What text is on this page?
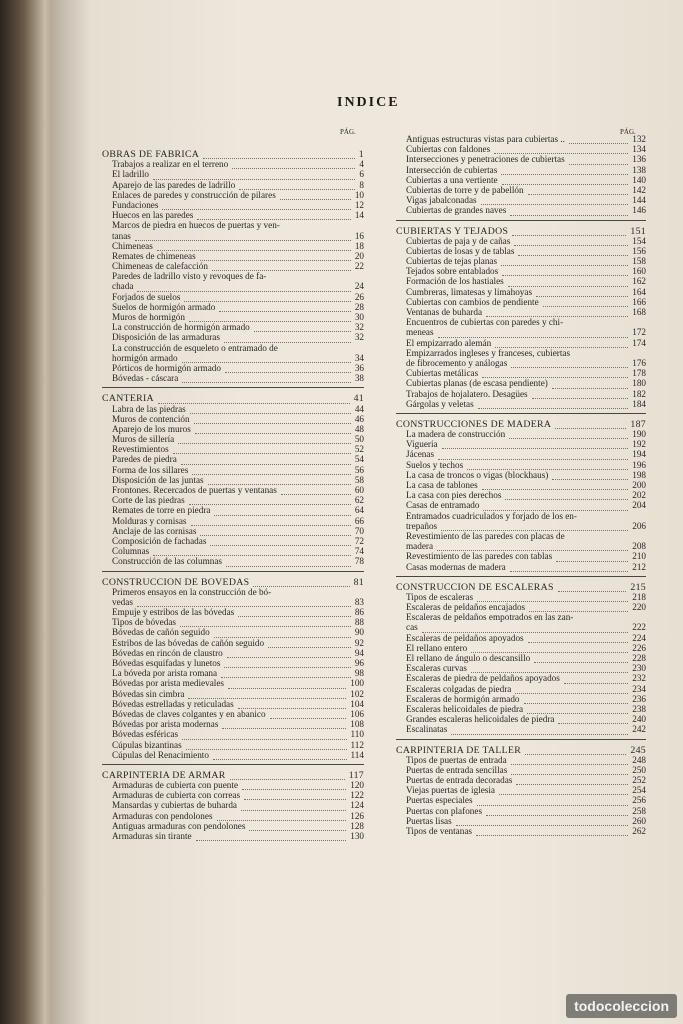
INDICE
PÁG.	PÁG.
OBRAS DE FABRICA	1
Trabajos a realizar en el terreno	4
El ladrillo	6
Aparejo de las paredes de ladrillo	8
Enlaces de paredes y construcción de pilares	10
Fundaciones	12
Huecos en las paredes	14
Marcos de piedra en huecos de puertas y ven-
tanas	16
Chimeneas	18
Remates de chimeneas	20
Chimeneas de calefacción	22
Paredes de ladrillo visto y revoques de fa-
chada	24
Forjados de suelos	26
Suelos de hormigón armado	28
Muros de hormigón	30
La construcción de hormigón armado	32
Disposición de las armaduras	32
La construcción de esqueleto o entramado de
hormigón armado	34
Pórticos de hormigón armado	36
Bóvedas - cáscara	38
CANTERIA	41
Labra de las piedras	44
Muros de contención	46
Aparejo de los muros	48
Muros de sillería	50
Revestimientos	52
Paredes de piedra	54
Forma de los sillares	56
Disposición de las juntas	58
Frontones. Recercados de puertas y ventanas	60
Corte de las piedras	62
Remates de torre en piedra	64
Molduras y cornisas	66
Anclaje de las cornisas	70
Composición de fachadas	72
Columnas	74
Construcción de las columnas	78
CONSTRUCCION DE BOVEDAS	81
Primeros ensayos en la construcción de bó-
vedas	83
Empuje y estribos de las bóvedas	86
Tipos de bóvedas	88
Bóvedas de cañón seguido	90
Estribos de las bóvedas de cañón seguido	92
Bóvedas en rincón de claustro	94
Bóvedas esquifadas y lunetos	96
La bóveda por arista romana	98
Bóvedas por arista medievales	100
Bóvedas sin cimbra	102
Bóvedas estrelladas y reticuladas	104
Bóvedas de claves colgantes y en abanico	106
Bóvedas por arista modernas	108
Bóvedas esféricas	110
Cúpulas bizantinas	112
Cúpulas del Renacimiento	114
CARPINTERIA DE ARMAR	117
Armaduras de cubierta con puente	120
Armaduras de cubierta con correas	122
Mansardas y cubiertas de buharda	124
Armaduras con pendolones	126
Antiguas armaduras con pendolones	128
Armaduras sin tirante	130
Antiguas estructuras vistas para cubiertas ..	132
Cubiertas con faldones	134
Intersecciones y penetraciones de cubiertas	136
Intersección de cubiertas	138
Cubiertas a una vertiente	140
Cubiertas de torre y de pabellón	142
Vigas jabalconadas	144
Cubiertas de grandes naves	146
CUBIERTAS Y TEJADOS	151
Cubiertas de paja y de cañas	154
Cubiertas de losas y de tablas	156
Cubiertas de tejas planas	158
Tejados sobre entablados	160
Formación de los hastiales	162
Cumbreras, limatesas y limahoyas	164
Cubiertas con cambios de pendiente	166
Ventanas de buharda	168
Encuentros de cubiertas con paredes y chi-
meneas	172
El empizarrado alemán	174
Empizarrados ingleses y franceses, cubiertas
de fibrocemento y análogas	176
Cubiertas metálicas	178
Cubiertas planas (de escasa pendiente)	180
Trabajos de hojalatero. Desagües	182
Gárgolas y veletas	184
CONSTRUCCIONES DE MADERA	187
La madera de construcción	190
Viguería	192
Jácenas	194
Suelos y techos	196
La casa de troncos o vigas (blockhaus)	198
La casa de tablones	200
La casa con pies derechos	202
Casas de entramado	204
Entramados cuadriculados y forjado de los en-
trepaños	206
Revestimiento de las paredes con placas de
madera	208
Revestimiento de las paredes con tablas	210
Casas modernas de madera	212
CONSTRUCCION DE ESCALERAS	215
Tipos de escaleras	218
Escaleras de peldaños encajados	220
Escaleras de peldaños empotrados en las zan-
cas	222
Escaleras de peldaños apoyados	224
El rellano entero	226
El rellano de ángulo o descansillo	228
Escaleras curvas	230
Escaleras de piedra de peldaños apoyados	232
Escaleras colgadas de piedra	234
Escaleras de hormigón armado	236
Escaleras helicoidales de piedra	238
Grandes escaleras helicoidales de piedra	240
Escalinatas	242
CARPINTERIA DE TALLER	245
Tipos de puertas de entrada	248
Puertas de entrada sencillas	250
Puertas de entrada decoradas	252
Viejas puertas de iglesia	254
Puertas especiales	256
Puertas con plafones	258
Puertas lisas	260
Tipos de ventanas	262
todocoleccion
